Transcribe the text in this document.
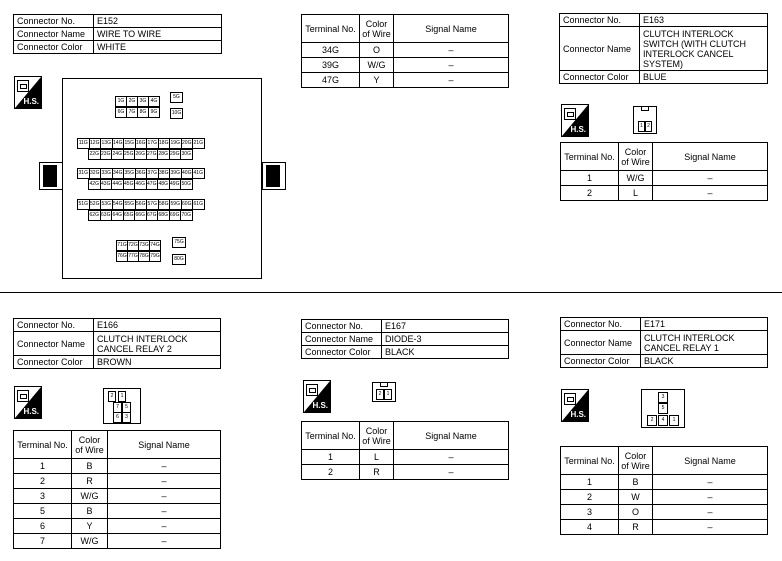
Connector No.	E152
Connector Name	WIRE TO WIRE
Connector Color	WHITE
H.S.	1G 2G 3G 4G
5G
6G 7G 8G 9G	10G
11G 12G 13G 14G 15G 16G 17G 18G 19G 20G 21G
22G 23G 24G 25G 26G 27G 28G 29G 30G
31G 32G 33G 34G 35G 36G 37G 38G 39G 40G 41G
42G 43G 44G 45G 46G 47G 48G 49G 50G
51G 52G 53G 54G 55G 56G 57G 58G 59G 60G 61G
62G 63G 64G 65G 66G 67G 68G 69G 70G
71G 72G 73G 74G	75G
76G 77G 78G 79G	80G
Terminal No.	Color of Wire	Signal Name
34G	O	–
39G	W/G	–
47G	Y	–
Connector No.	E163
Connector Name	CLUTCH INTERLOCK SWITCH (WITH CLUTCH INTERLOCK CANCEL SYSTEM)
Connector Color	BLUE
H.S.	1 2
Terminal No.	Color of Wire	Signal Name
1	W/G	–
2	L	–
Connector No.	E166
Connector Name	CLUTCH INTERLOCK CANCEL RELAY 2
Connector Color	BROWN
H.S.
2	1
7	5
6	3
Terminal No.	Color of Wire	Signal Name
1	B	–
2	R	–
3	W/G	–
5	B	–
6	Y	–
7	W/G	–
Connector No.	E167
Connector Name	DIODE-3
Connector Color	BLACK
H.S.
2	1
Terminal No.	Color of Wire	Signal Name
1	L	–
2	R	–
Connector No.	E171
Connector Name	CLUTCH INTERLOCK CANCEL RELAY 1
Connector Color	BLACK
H.S.
3
5
2	4	1
Terminal No.	Color of Wire	Signal Name
1	B	–
2	W	–
3	O	–
4	R	–
